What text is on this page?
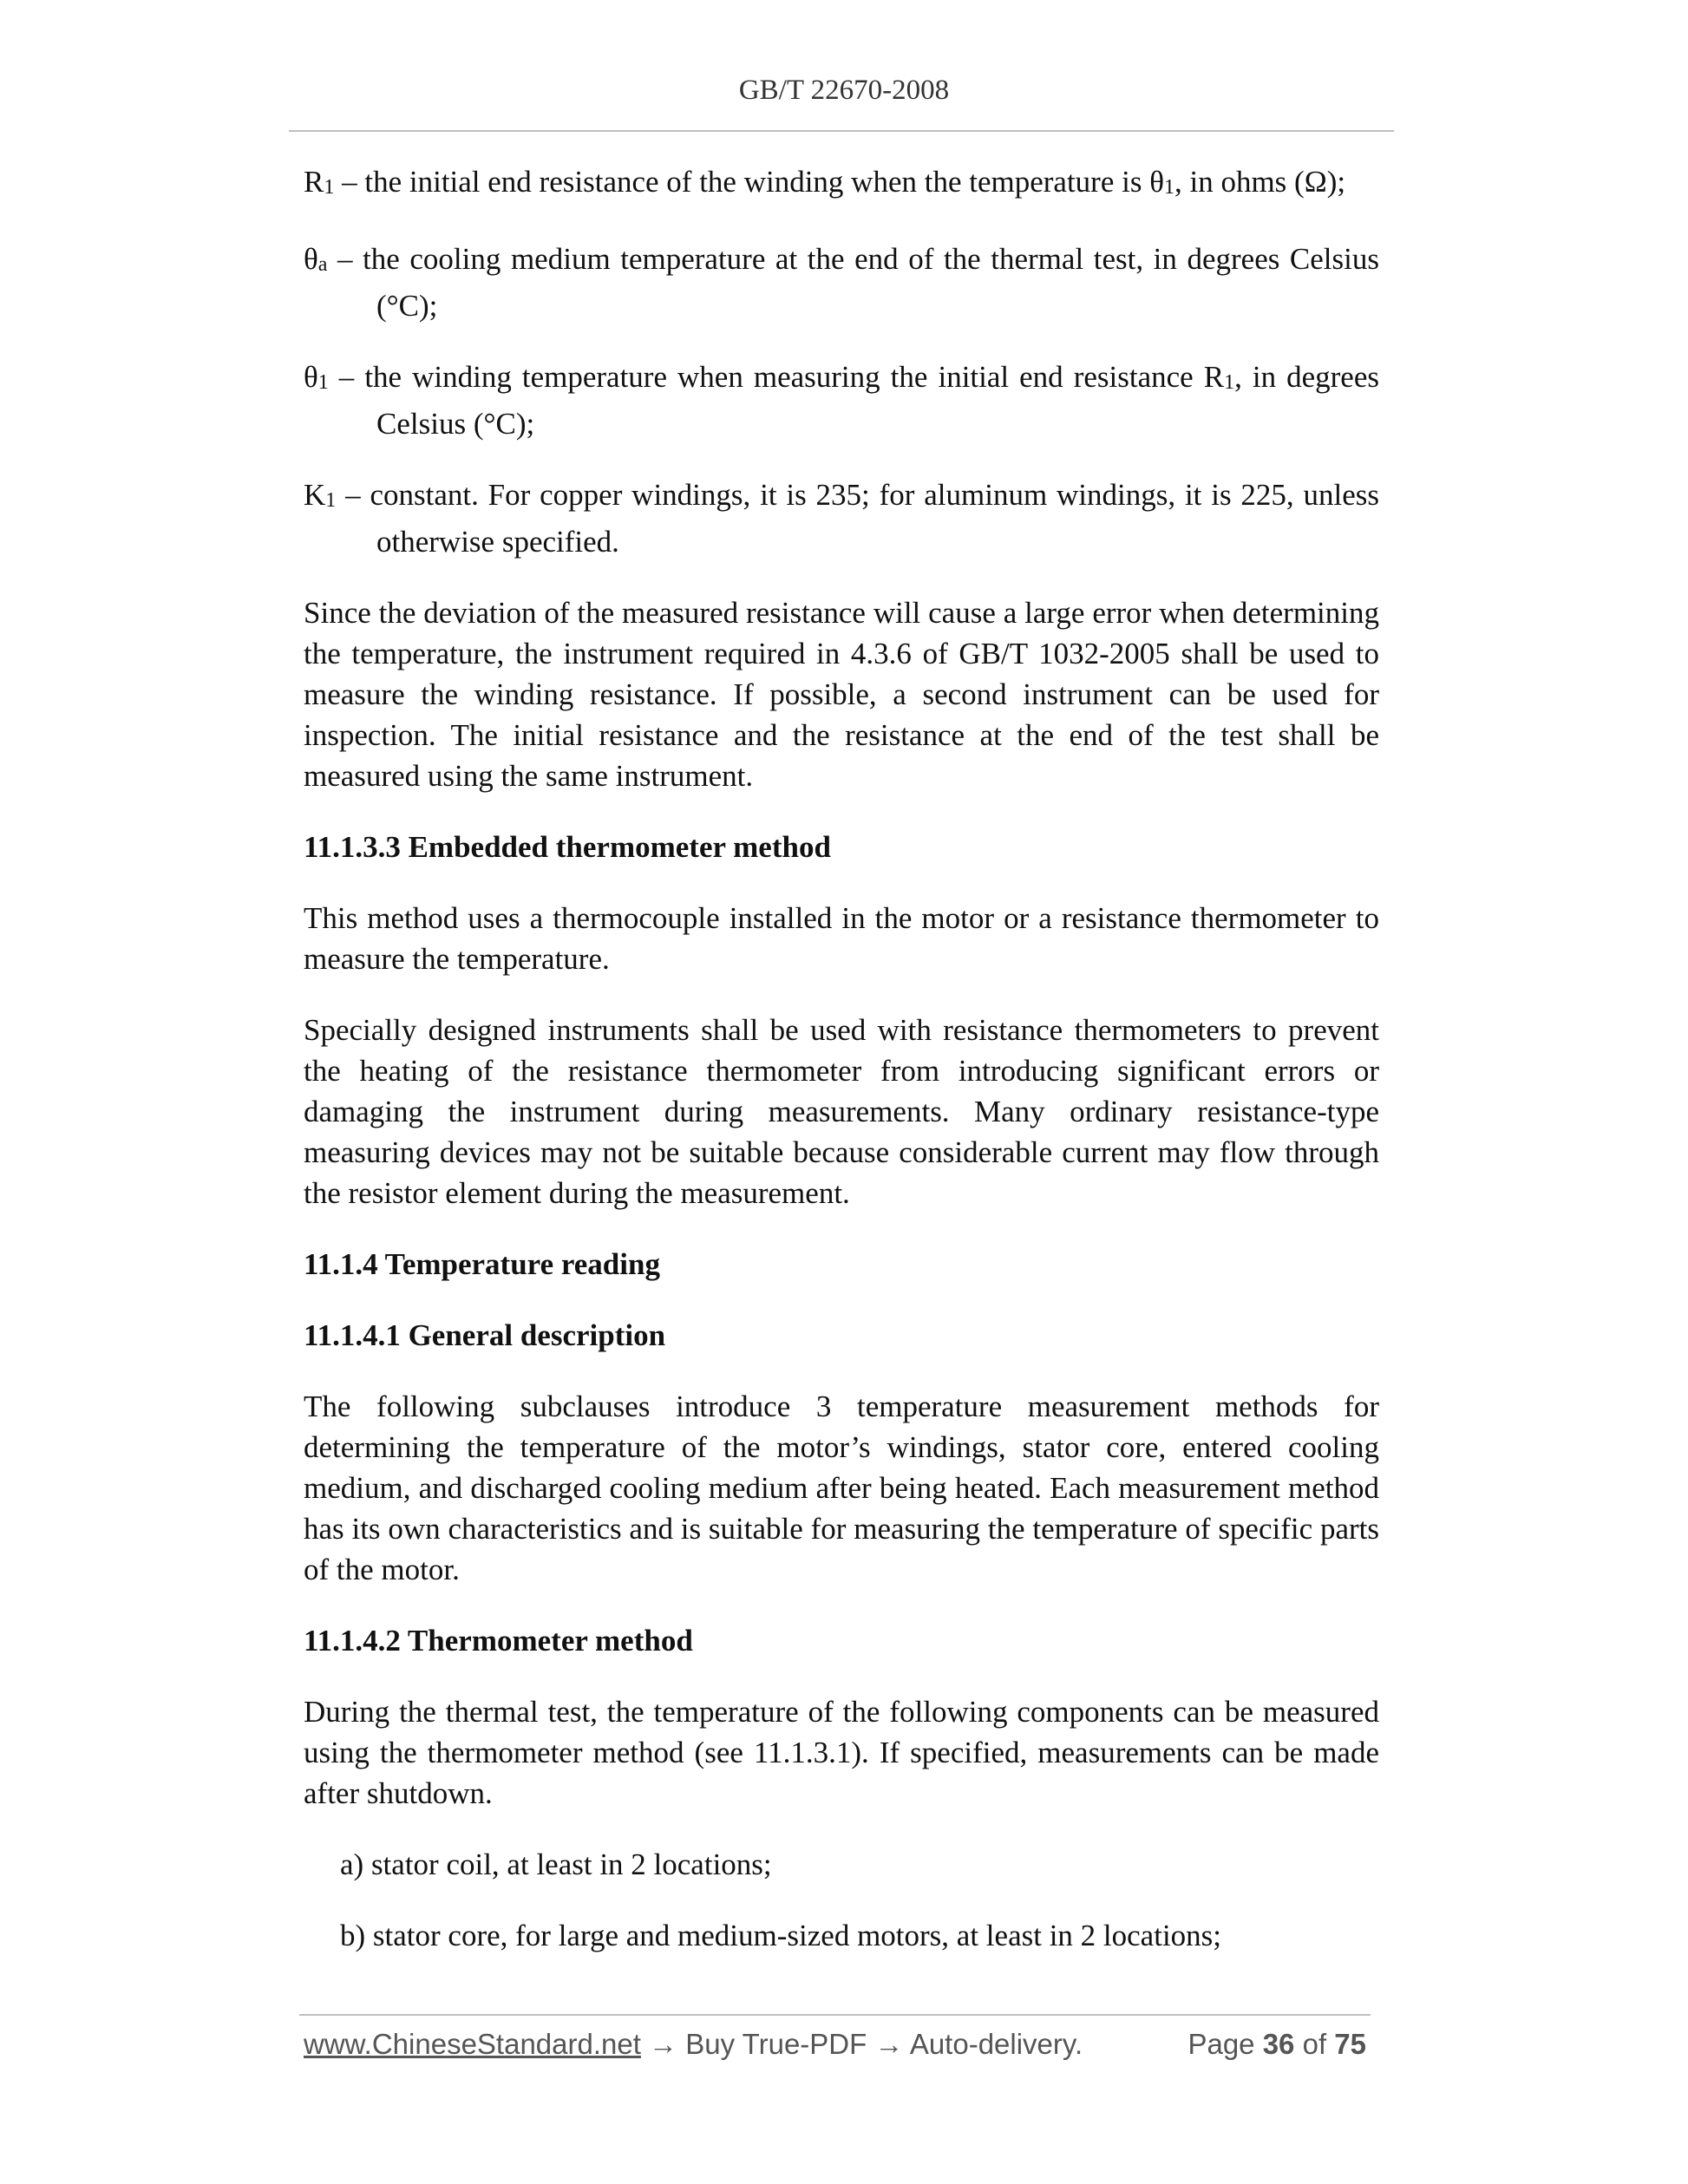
GB/T 22670-2008

R1 – the initial end resistance of the winding when the temperature is θ1, in ohms (Ω);

θa – the cooling medium temperature at the end of the thermal test, in degrees Celsius (°C);

θ1 – the winding temperature when measuring the initial end resistance R1, in degrees Celsius (°C);

K1 – constant. For copper windings, it is 235; for aluminum windings, it is 225, unless otherwise specified.

Since the deviation of the measured resistance will cause a large error when determining the temperature, the instrument required in 4.3.6 of GB/T 1032-2005 shall be used to measure the winding resistance. If possible, a second instrument can be used for inspection. The initial resistance and the resistance at the end of the test shall be measured using the same instrument.

11.1.3.3 Embedded thermometer method

This method uses a thermocouple installed in the motor or a resistance thermometer to measure the temperature.

Specially designed instruments shall be used with resistance thermometers to prevent the heating of the resistance thermometer from introducing significant errors or damaging the instrument during measurements. Many ordinary resistance-type measuring devices may not be suitable because considerable current may flow through the resistor element during the measurement.

11.1.4 Temperature reading

11.1.4.1 General description

The following subclauses introduce 3 temperature measurement methods for determining the temperature of the motor’s windings, stator core, entered cooling medium, and discharged cooling medium after being heated. Each measurement method has its own characteristics and is suitable for measuring the temperature of specific parts of the motor.

11.1.4.2 Thermometer method

During the thermal test, the temperature of the following components can be measured using the thermometer method (see 11.1.3.1). If specified, measurements can be made after shutdown.

a) stator coil, at least in 2 locations;

b) stator core, for large and medium-sized motors, at least in 2 locations;

www.ChineseStandard.net → Buy True-PDF → Auto-delivery.	Page 36 of 75
